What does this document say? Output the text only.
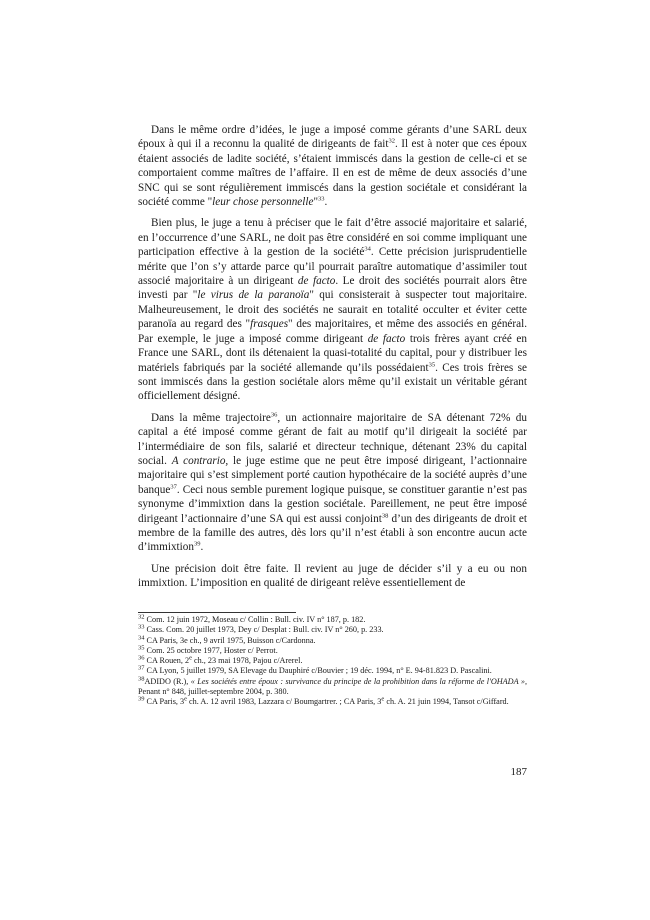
Dans le même ordre d’idées, le juge a imposé comme gérants d’une SARL deux époux à qui il a reconnu la qualité de dirigeants de fait$^{32}$. Il est à noter que ces époux étaient associés de ladite société, s’étaient immiscés dans la gestion de celle-ci et se comportaient comme maîtres de l’affaire. Il en est de même de deux associés d’une SNC qui se sont régulièrement immiscés dans la gestion sociétale et considérant la société comme "leur chose personnelle"$^{33}$.

Bien plus, le juge a tenu à préciser que le fait d’être associé majoritaire et salarié, en l’occurrence d’une SARL, ne doit pas être considéré en soi comme impliquant une participation effective à la gestion de la société$^{34}$. Cette précision jurisprudentielle mérite que l’on s’y attarde parce qu’il pourrait paraître automatique d’assimiler tout associé majoritaire à un dirigeant de facto. Le droit des sociétés pourrait alors être investi par "le virus de la paranoïa" qui consisterait à suspecter tout majoritaire. Malheureusement, le droit des sociétés ne saurait en totalité occulter et éviter cette paranoïa au regard des "frasques" des majoritaires, et même des associés en général. Par exemple, le juge a imposé comme dirigeant de facto trois frères ayant créé en France une SARL, dont ils détenaient la quasi-totalité du capital, pour y distribuer les matériels fabriqués par la société allemande qu’ils possédaient$^{35}$. Ces trois frères se sont immiscés dans la gestion sociétale alors même qu’il existait un véritable gérant officiellement désigné.

Dans la même trajectoire$^{36}$, un actionnaire majoritaire de SA détenant 72% du capital a été imposé comme gérant de fait au motif qu’il dirigeait la société par l’intermédiaire de son fils, salarié et directeur technique, détenant 23% du capital social. A contrario, le juge estime que ne peut être imposé dirigeant, l’actionnaire majoritaire qui s’est simplement porté caution hypothécaire de la société auprès d’une banque$^{37}$. Ceci nous semble purement logique puisque, se constituer garantie n’est pas synonyme d’immixtion dans la gestion sociétale. Pareillement, ne peut être imposé dirigeant l’actionnaire d’une SA qui est aussi conjoint$^{38}$ d’un des dirigeants de droit et membre de la famille des autres, dès lors qu’il n’est établi à son encontre aucun acte d’immixtion$^{39}$.

Une précision doit être faite. Il revient au juge de décider s’il y a eu ou non immixtion. L’imposition en qualité de dirigeant relève essentiellement de

$^{32}$ Com. 12 juin 1972, Moseau c/ Collin : Bull. civ. IV n° 187, p. 182.

$^{33}$ Cass. Com. 20 juillet 1973, Dey c/ Desplat : Bull. civ. IV n° 260, p. 233.

$^{34}$ CA Paris, 3e ch., 9 avril 1975, Buisson c/Cardonna.

$^{35}$ Com. 25 octobre 1977, Hoster c/ Perrot.

$^{36}$ CA Rouen, 2e ch., 23 mai 1978, Pajou c/Arerel.

$^{37}$ CA Lyon, 5 juillet 1979, SA Elevage du Dauphiré c/Bouvier ; 19 déc. 1994, n° E. 94-81.823 D. Pascalini.

$^{38}$ADIDO (R.), « Les sociétés entre époux : survivance du principe de la prohibition dans la réforme de l'OHADA », Penant n° 848, juillet-septembre 2004, p. 380.

$^{39}$ CA Paris, 3e ch. A. 12 avril 1983, Lazzara c/ Boumgartrer. ; CA Paris, 3e ch. A. 21 juin 1994, Tansot c/Giffard.

187
